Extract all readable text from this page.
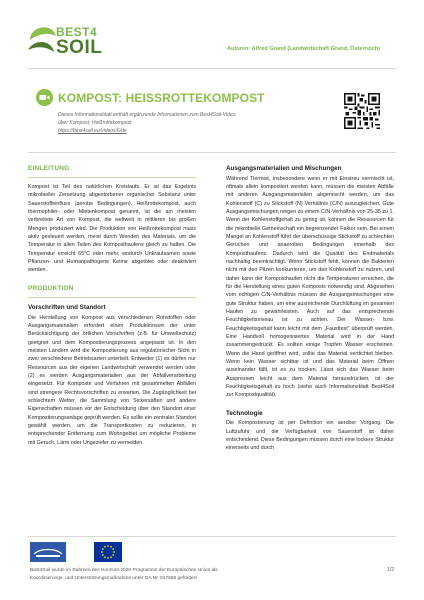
BEST4
SOIL	Autoren: Alfred Grand (Landwirtschaft Grand, Österreich)
KOMPOST: HEISSROTTEKOMPOST
Dieses Informationsblatt enthält ergänzende Informationen zum Best4Soil-Video
über Kompost: Heißrottekompost
https://best4soil.eu/videos/6/de
EINLEITUNG
Kompost ist Teil des natürlichen Kreislaufs. Er ist das Ergebnis mikrobieller Zersetzung abgestorbener organischer Substanz unter Sauerstoffeinfluss (aerobe Bedingungen). Heißrottekompost, auch thermophiler- oder Mietenkompost genannt, ist die am meisten verbreitete Art von Kompost, die weltweit in mittleren bis großen Mengen produziert wird. Die Produktion von Heißrottekompost muss aktiv gesteuert werden, meist durch Wenden des Materials, um die Temperatur in allen Teilen des Komposthaufens gleich zu halten. Die Temperatur erreicht 65°C oder mehr, wodurch Unkrautsamen sowie Pflanzen- und Humanpathogene Keime abgetötet oder deaktiviert werden.
PRODUKTION
Vorschriften und Standort
Die Herstellung von Kompost aus verschiedenen Rohstoffen oder Ausgangsmaterialien erfordert einen Produktionsort der unter Berücksichtigung der örtlichen Vorschriften (z.B. für Umweltschutz) geeignet und dem Kompostierungsprozess angepasst ist. In den meisten Ländern wird die Kompostierung aus regulatorischer Sicht in zwei verschiedene Betriebsarten unterteilt. Entweder (1) es dürfen nur Ressourcen aus der eigenen Landwirtschaft verwendet werden oder (2) es werden Ausgangsmaterialien aus der Abfallverarbeitung eingesetzt. Für Komposte und Verfahren mit gesammelten Abfällen sind strengere Rechtsvorschriften zu erwarten. Die Zugänglichkeit bei schlechtem Wetter, die Sammlung von Sickersäften und andere Eigenschaften müssen vor der Entscheidung über den Standort einer Kompostierungsanlage geprüft werden. Es sollte ein zentraler Standort gewählt werden, um die Transportkosten zu reduzieren, in entsprechender Entfernung zum Wohngebiet um mögliche Probleme mit Geruch, Lärm oder Ungeziefer zu vermeiden.
Ausgangsmaterialien und Mischungen
Während Tiermist, insbesondere wenn er mit Einstreu vermischt ist, oftmals allein kompostiert werden kann, müssen die meisten Abfälle mit anderen Ausgangsmaterialien abgemischt werden, um das Kohlenstoff (C) zu Stickstoff (N) Verhältnis (C/N) auszugleichen. Gute Ausgangsmischungen neigen zu einem C/N-Verhältnis von 25-35 zu 1. Wenn der Kohlenstoffgehalt zu gering ist, können die Ressourcen für die mikrobielle Gemeinschaft ein begrenzender Faktor sein. Bei einem Mangel an Kohlenstoff führt der überschüssige Stickstoff zu schlechten Gerüchen und anaeroben Bedingungen innerhalb des Komposthaufens. Dadurch wird die Qualität des Endmaterials nachhaltig beeinträchtigt. Wenn Stickstoff fehlt, können die Bakterien nicht mit den Pilzen konkurrieren, um den Kohlenstoff zu nutzen, und daher kann der Komposthaufen nicht die Temperaturen erreichen, die für die Herstellung eines guten Komposts notwendig sind. Abgesehen vom richtigen C/N-Verhältnis müssen die Ausgangsmischungen eine gute Struktur haben, um eine ausreichende Durchlüftung im gesamten Haufen zu gewährleisten. Auch auf das entsprechende Feuchtigkeitsniveau ist zu achten. Der Wasser- bzw. Feuchtigkeitsgehalt kann leicht mit dem „Fausttest“ überprüft werden. Eine Handvoll homogenisiertes Material wird in der Hand zusammengedrückt. Es sollten einige Tropfen Wasser erscheinen. Wenn die Hand geöffnet wird, sollte das Material verdichtet bleiben. Wenn kein Wasser sichtbar ist und das Material beim Öffnen auseinander fällt, ist es zu trocken. Lässt sich das Wasser beim Auspressen leicht aus dem Material herausdrücken, ist der Feuchtigkeitsgehalt zu hoch (siehe auch Informationsblatt Best4Soil zur Kompostqualität).
Technologie
Die Kompostierung ist per Definition ein aerober Vorgang. Die Luftzufuhr und die Verfügbarkeit von Sauerstoff ist daher entscheidend. Diese Bedingungen müssen durch eine lockere Struktur einerseits und durch
Best4Soil wurde im Rahmen des Horizont-2020-Programms der Europäischen Union als
Koordinierungs- und Unterstützungsmaßnahme unter GA Nr. 817696 gefördert.
1/2
